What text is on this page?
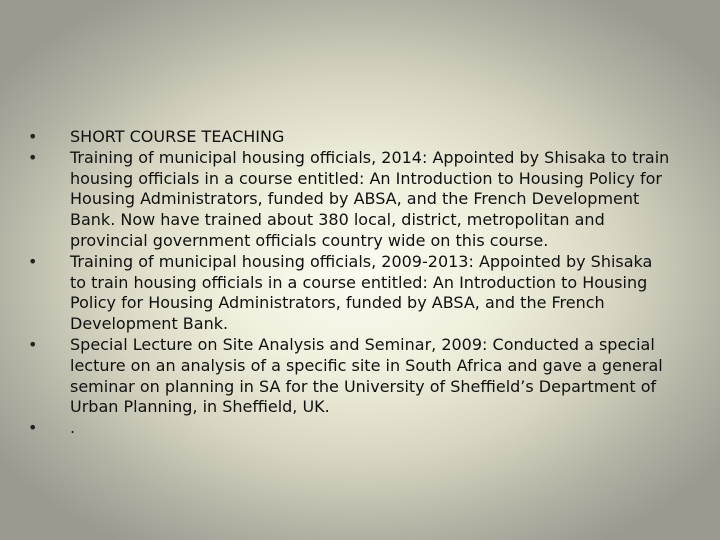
• SHORT COURSE TEACHING
• Training of municipal housing officials, 2014: Appointed by Shisaka to train
housing officials in a course entitled: An Introduction to Housing Policy for
Housing Administrators, funded by ABSA, and the French Development
Bank. Now have trained about 380 local, district, metropolitan and
provincial government officials country wide on this course.
• Training of municipal housing officials, 2009-2013: Appointed by Shisaka
to train housing officials in a course entitled: An Introduction to Housing
Policy for Housing Administrators, funded by ABSA, and the French
Development Bank.
• Special Lecture on Site Analysis and Seminar, 2009: Conducted a special
lecture on an analysis of a specific site in South Africa and gave a general
seminar on planning in SA for the University of Sheffield’s Department of
Urban Planning, in Sheffield, UK.
• .
